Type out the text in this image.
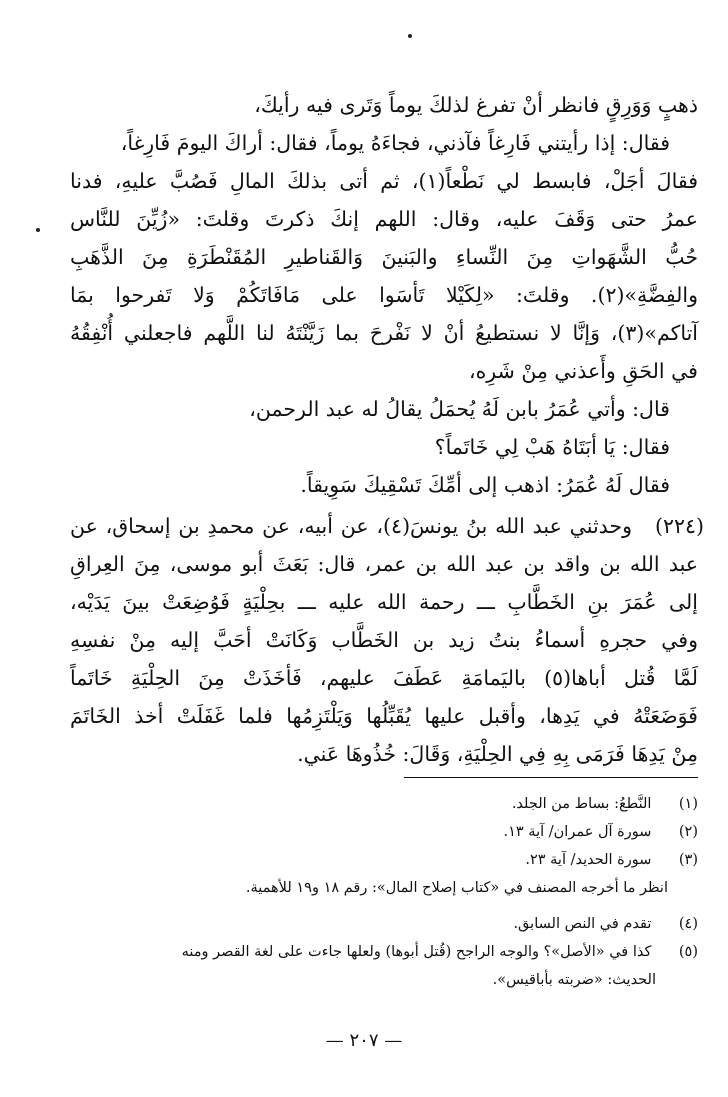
ذهبٍ وَوَرِقٍ فانظر أنْ تفرغ لذلكَ يوماً وَتَرى فيه رأيكَ،
فقال: إذا رأيتني فَارِغاً فآذني، فجاءَهُ يوماً، فقال: أراكَ اليومَ فَارِغاً،
فقالَ أجَلْ، فابسط لي نَطْعاً(١)، ثم أتى بذلكَ المالِ فَصُبَّ عليهِ، فدنا
عمرُ حتى وَقَفَ عليه، وقال: اللهم إنكَ ذكرتَ وقلتَ: «زُيِّنَ للنَّاس
حُبُّ الشَّهَواتِ مِنَ النِّساءِ والبَنينَ وَالقَناطيرِ المُقَنْطَرَةِ مِنَ الذَّهَبِ
والفِضَّةِ»(٢). وقلتَ: «لِكَيْلا تَأسَوا على مَافَاتَكُمْ وَلا تَفرحوا بمَا
آتاكم»(٣)، وَإنَّا لا نستطيعُ أنْ لا نَفْرحَ بما زَيَّنْتَهُ لنا اللَّهم فاجعلني أُنْفِقُهُ
في الحَقِ وأَعذني مِنْ شَرِه،
قال: وأتي عُمَرُ بابن لَهُ يُحمَلُ يقالُ له عبد الرحمن،
فقال: يَا أبَتَاهُ هَبْ لِي خَاتَماً؟
فقال لَهُ عُمَرُ: اذهب إلى أمِّكَ تَسْقِيكَ سَوِيقاً.
(٢٢٤)
وحدثني عبد الله بنُ يونسَ(٤)، عن أبيه، عن محمدِ بن إسحاق، عن
عبد الله بن واقد بن عبد الله بن عمر، قال: بَعَثَ أبو موسى، مِنَ العِراقِ
إلى عُمَرَ بنِ الخَطَّابِ ـــ رحمة الله عليه ـــ بحِلْيَةٍ فَوُضِعَتْ بينَ يَدَيْه،
وفي حجرهِ أسماءُ بنتُ زيد بن الخَطَّاب وَكَانَتْ أحَبَّ إليه مِنْ نفسِهِ
لَمَّا قُتل أباها(٥) باليَمامَةِ عَطَفَ عليهم، فَأخَذَتْ مِنَ الحِلْيَةِ خَاتَماً
فَوَضَعَتْهُ في يَدِها، وأقبل عليها يُقَبِّلُها وَيَلْتَزِمُها فلما غَفَلَتْ أخذ الخَاتَمَ
مِنْ يَدِهَا فَرَمَى بِهِ فِي الحِلْيَةِ، وَقَالَ: خُذُوهَا عَني.
(١) النَّطعُ: بساط من الجلد.
(٢) سورة آل عمران/ آية ١٣.
(٣) سورة الحديد/ آية ٢٣.
انظر ما أخرجه المصنف في «كتاب إصلاح المال»: رقم ١٨ و١٩ للأهمية.
(٤) تقدم في النص السابق.
(٥) كذا في «الأصل»؟ والوجه الراجح (قُتل أبوها) ولعلها جاءت على لغة القصر ومنه
الحديث: «ضربته بأباقيس».
— ٢٠٧ —
